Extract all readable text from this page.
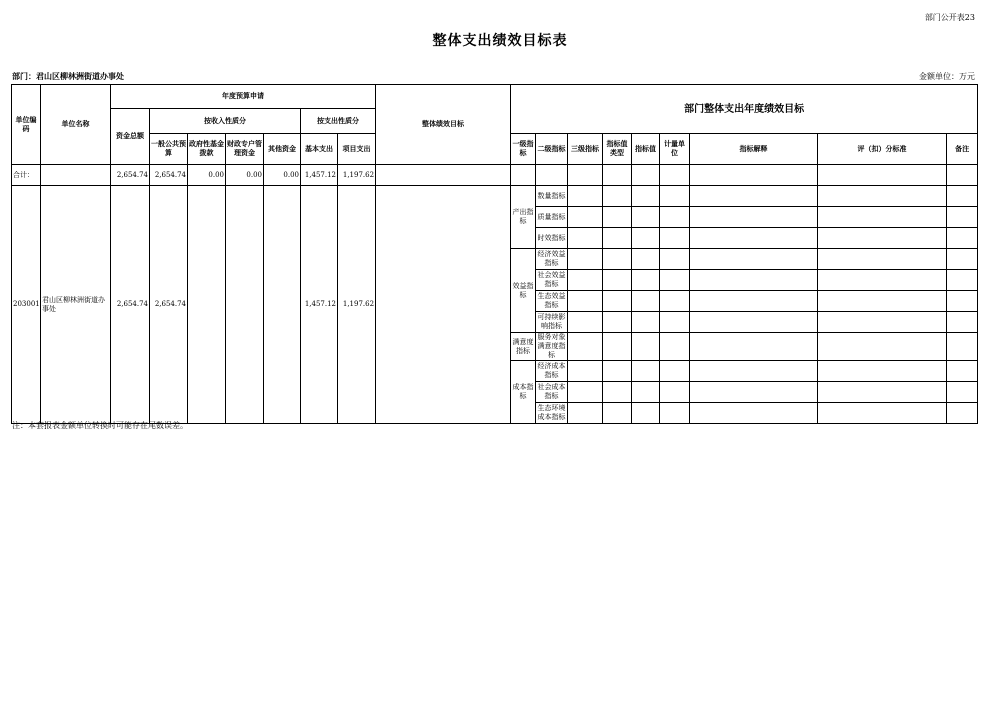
部门公开表23
整体支出绩效目标表
部门：君山区柳林洲街道办事处	金额单位：万元
单位编码	单位名称	年度预算申请							整体绩效目标	部门整体支出年度绩效目标								
		资金总额	按收入性质分				按支出性质分											
			一般公共预算	政府性基金拨款	财政专户管理资金	其他资金	基本支出	项目支出		一级指标	二级指标	三级指标	指标值类型	指标值	计量单位	指标解释	评（扣）分标准	备注
合计：		2,654.74	2,654.74	0.00	0.00	0.00	1,457.12	1,197.62										
203001	君山区柳林洲街道办事处	2,654.74	2,654.74				1,457.12	1,197.62		产出指标	数量指标							
											质量指标							
											时效指标							
										效益指标	经济效益指标							
											社会效益指标							
											生态效益指标							
											可持续影响指标							
										满意度指标	服务对象满意度指标							
										成本指标	经济成本指标							
											社会成本指标							
											生态环境成本指标							
注：本套报表金额单位转换时可能存在尾数误差。
